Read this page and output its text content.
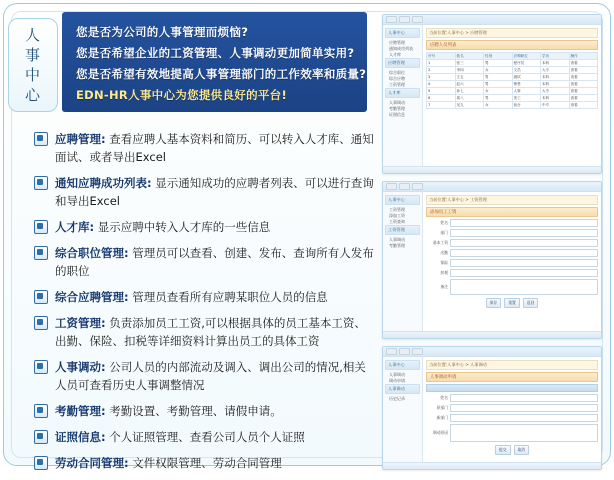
人
事
中
心
您是否为公司的人事管理而烦恼?
您是否希望企业的工资管理、人事调动更加简单实用?
您是否希望有效地提高人事管理部门的工作效率和质量?
EDN-HR人事中心为您提供良好的平台!
应聘管理: 查看应聘人基本资料和简历、可以转入人才库、通知面试、或者导出Excel
通知应聘成功列表: 显示通知成功的应聘者列表、可以进行查询和导出Excel
人才库: 显示应聘中转入人才库的一些信息
综合职位管理: 管理员可以查看、创建、发布、查询所有人发布的职位
综合应聘管理: 管理员查看所有应聘某职位人员的信息
工资管理: 负责添加员工工资,可以根据具体的员工基本工资、出勤、保险、扣税等详细资料计算出员工的具体工资
人事调动: 公司人员的内部流动及调入、调出公司的情况,相关人员可查看历史人事调整情况
考勤管理: 考勤设置、考勤管理、请假申请。
证照信息: 个人证照管理、查看公司人员个人证照
劳动合同管理: 文件权限管理、劳动合同管理
人事中心
应聘管理
通知成功列表
人才库
应聘管理
综合职位
综合应聘
工资管理
人才库
人事调动
考勤管理
证照信息
当前位置:人事中心 > 应聘管理
应聘人员列表
序号	姓名	性别	应聘职位	学历	操作
1	张三	男	程序员	本科	查看
2	李四	女	文员	大专	查看
3	王五	男	测试	本科	查看
4	赵六	男	销售	本科	查看
5	孙七	女	人事	大专	查看
6	周八	男	美工	本科	查看
7	吴九	女	前台	中专	查看
人事中心
工资管理
添加工资
工资查询
工资管理
人事调动
考勤管理
当前位置:人事中心 > 工资管理
添加员工工资
姓名
部门
基本工资
出勤
保险
扣税
备注
保存	重置	返回
人事中心
人事调动
调动申请
人事调动
历史记录
当前位置:人事中心 > 人事调动
人事调动申请
姓名
原部门
新部门
调动原因
提交	取消
